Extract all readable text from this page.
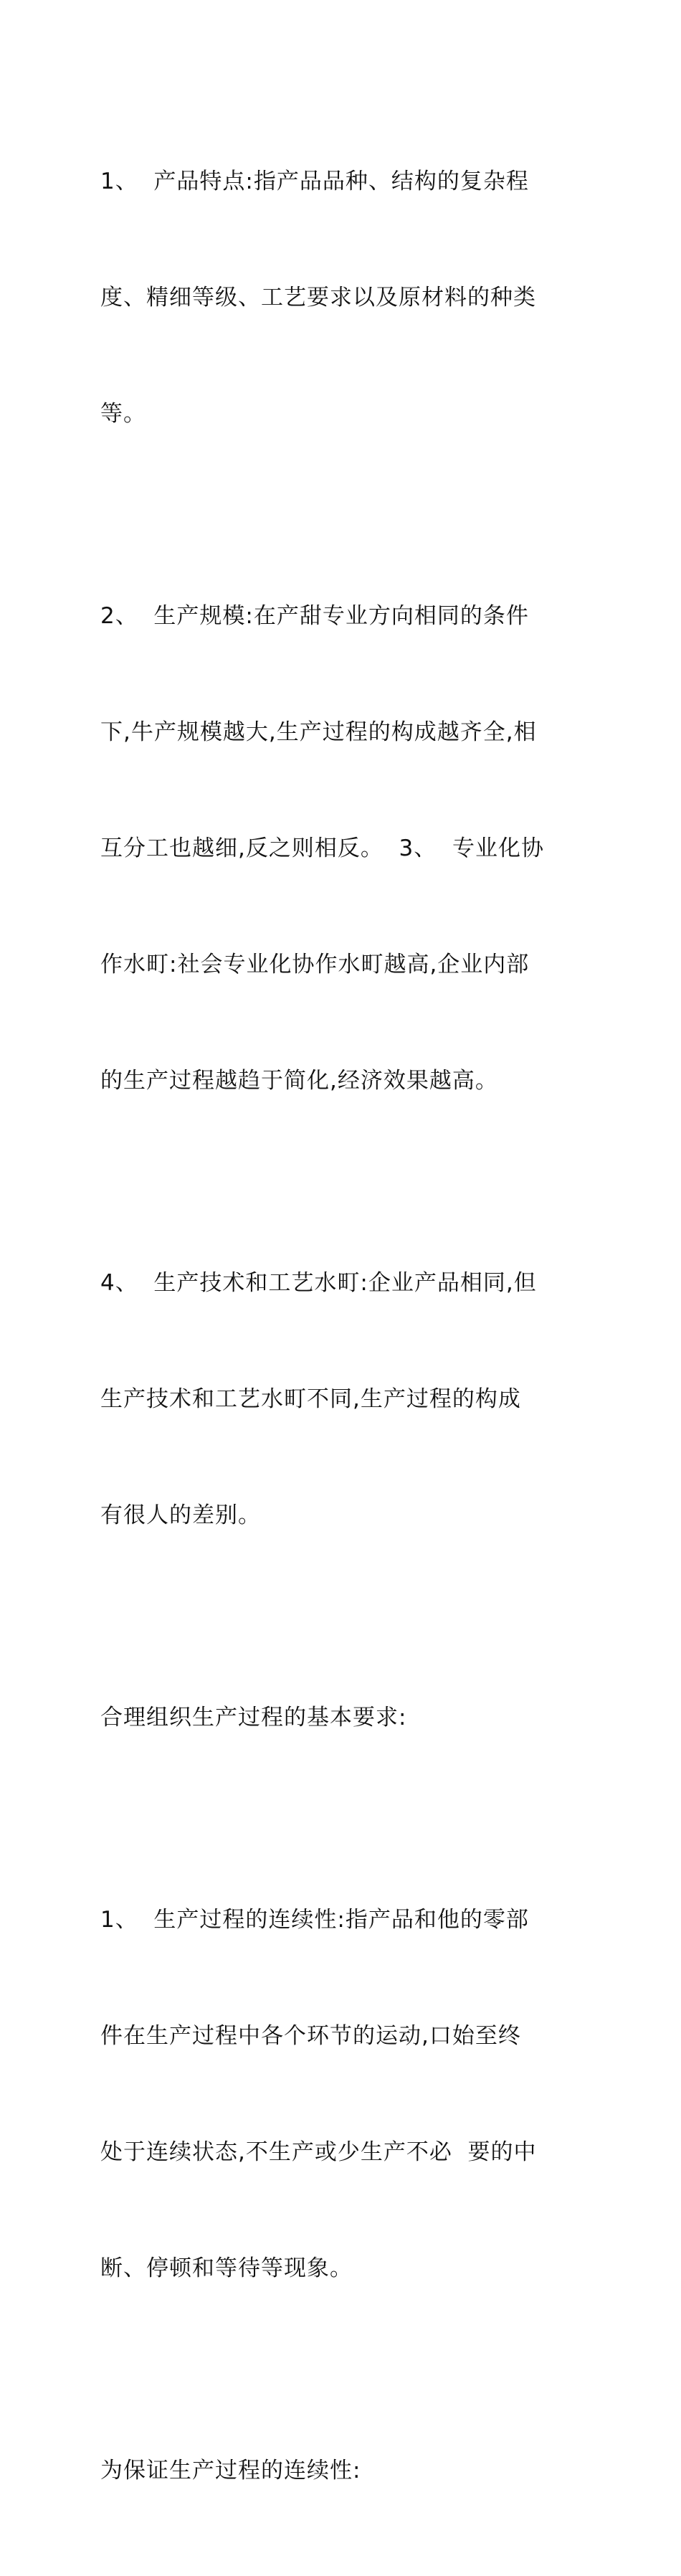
1、  产品特点:指产品品种、结构的复杂程

度、精细等级、工艺要求以及原材料的种类

等。

2、  生产规模:在产甜专业方向相同的条件

下,牛产规模越大,生产过程的构成越齐全,相

互分工也越细,反之则相反。  3、  专业化协

作水町:社会专业化协作水町越高,企业内部

的生产过程越趋于简化,经济效果越高。

4、  生产技术和工艺水町:企业产品相同,但

生产技术和工艺水町不同,生产过程的构成

有很人的差别。

合理组织生产过程的基本要求:

1、  生产过程的连续性:指产品和他的零部

件在生产过程中各个环节的运动,口始至终

处于连续状态,不生产或少生产不必  要的中

断、停顿和等待等现象。

为保证生产过程的连续性:
